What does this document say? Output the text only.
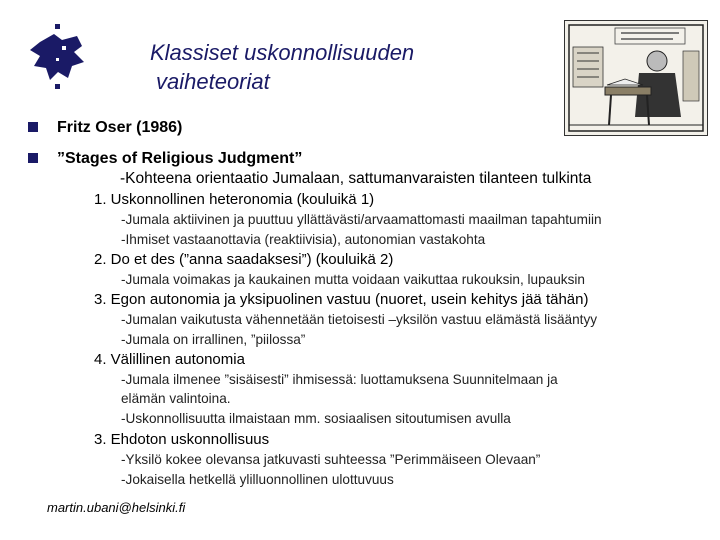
Klassiset uskonnollisuuden
vaiheteoriat
Fritz Oser (1986)
”Stages of Religious Judgment”
-Kohteena orientaatio Jumalaan, sattumanvaraisten tilanteen tulkinta
1. Uskonnollinen heteronomia (kouluikä 1)
-Jumala aktiivinen ja puuttuu yllättävästi/arvaamattomasti maailman tapahtumiin
-Ihmiset vastaanottavia (reaktiivisia), autonomian vastakohta
2. Do et des (”anna saadaksesi”) (kouluikä 2)
-Jumala voimakas ja kaukainen mutta voidaan vaikuttaa rukouksin, lupauksin
3. Egon autonomia ja yksipuolinen vastuu (nuoret, usein kehitys jää tähän)
-Jumalan vaikutusta vähennetään tietoisesti –yksilön vastuu elämästä lisääntyy
-Jumala on irrallinen, ”piilossa”
4. Välillinen autonomia
-Jumala ilmenee ”sisäisesti” ihmisessä: luottamuksena Suunnitelmaan ja
elämän valintoina.
-Uskonnollisuutta ilmaistaan mm. sosiaalisen sitoutumisen avulla
3. Ehdoton uskonnollisuus
-Yksilö kokee olevansa jatkuvasti suhteessa ”Perimmäiseen Olevaan”
-Jokaisella hetkellä ylilluonnollinen ulottuvuus
martin.ubani@helsinki.fi
